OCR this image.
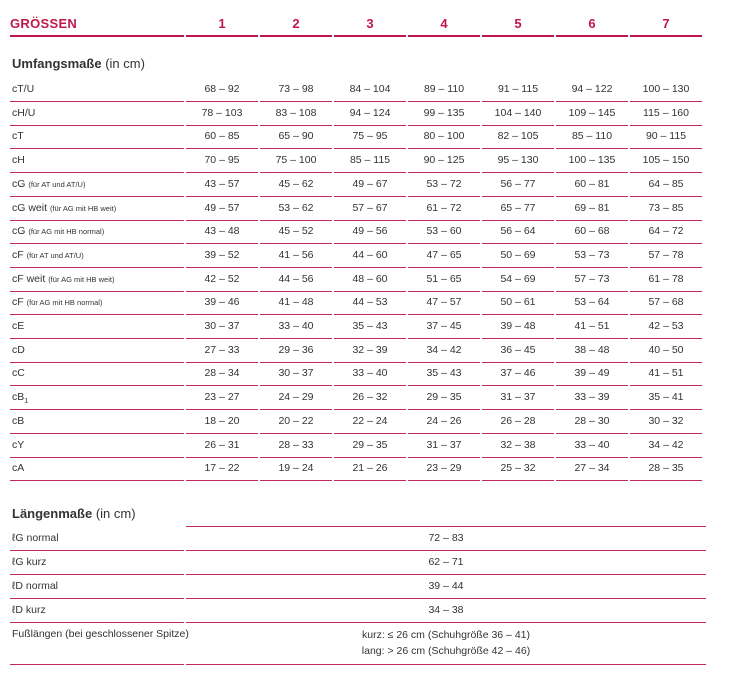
GRÖSSEN	1	2	3	4	5	6	7
Umfangsmaße (in cm)
cT/U	68 – 92	73 – 98	84 – 104	89 – 110	91 – 115	94 – 122	100 – 130
cH/U	78 – 103	83 – 108	94 – 124	99 – 135	104 – 140	109 – 145	115 – 160
cT	60 – 85	65 – 90	75 – 95	80 – 100	82 – 105	85 – 110	90 – 115
cH	70 – 95	75 – 100	85 – 115	90 – 125	95 – 130	100 – 135	105 – 150
cG (für AT und AT/U)	43 – 57	45 – 62	49 – 67	53 – 72	56 – 77	60 – 81	64 – 85
cG weit (für AG mit HB weit)	49 – 57	53 – 62	57 – 67	61 – 72	65 – 77	69 – 81	73 – 85
cG (für AG mit HB normal)	43 – 48	45 – 52	49 – 56	53 – 60	56 – 64	60 – 68	64 – 72
cF (für AT und AT/U)	39 – 52	41 – 56	44 – 60	47 – 65	50 – 69	53 – 73	57 – 78
cF weit (für AG mit HB weit)	42 – 52	44 – 56	48 – 60	51 – 65	54 – 69	57 – 73	61 – 78
cF (für AG mit HB normal)	39 – 46	41 – 48	44 – 53	47 – 57	50 – 61	53 – 64	57 – 68
cE	30 – 37	33 – 40	35 – 43	37 – 45	39 – 48	41 – 51	42 – 53
cD	27 – 33	29 – 36	32 – 39	34 – 42	36 – 45	38 – 48	40 – 50
cC	28 – 34	30 – 37	33 – 40	35 – 43	37 – 46	39 – 49	41 – 51
$cB_1$	23 – 27	24 – 29	26 – 32	29 – 35	31 – 37	33 – 39	35 – 41
cB	18 – 20	20 – 22	22 – 24	24 – 26	26 – 28	28 – 30	30 – 32
cY	26 – 31	28 – 33	29 – 35	31 – 37	32 – 38	33 – 40	34 – 42
cA	17 – 22	19 – 24	21 – 26	23 – 29	25 – 32	27 – 34	28 – 35
Längenmaße (in cm)
ℓG normal	72 – 83
ℓG kurz	62 – 71
ℓD normal	39 – 44
ℓD kurz	34 – 38
Fußlängen (bei geschlossener Spitze)	kurz: ≤ 26 cm (Schuhgröße 36 – 41)
lang: > 26 cm (Schuhgröße 42 – 46)
